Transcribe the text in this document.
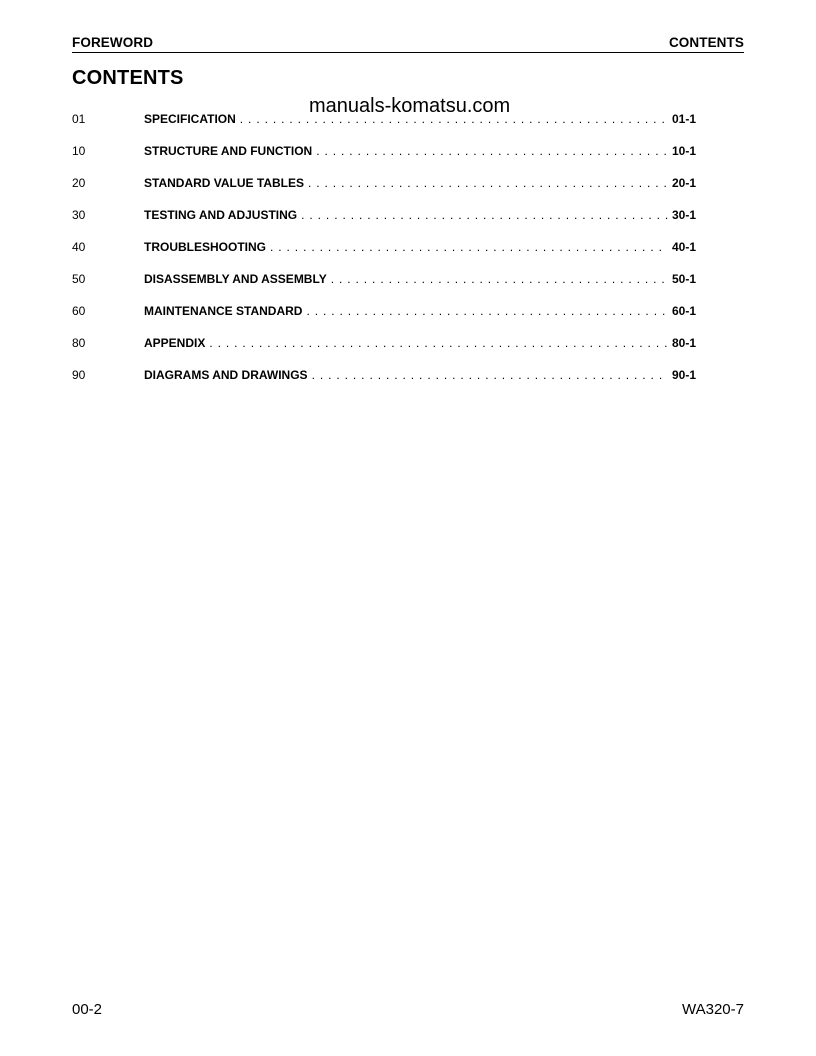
FOREWORD	CONTENTS
CONTENTS
manuals-komatsu.com
01	SPECIFICATION . . .	01-1
10	STRUCTURE AND FUNCTION . . .	10-1
20	STANDARD VALUE TABLES . . .	20-1
30	TESTING AND ADJUSTING . . .	30-1
40	TROUBLESHOOTING . . .	40-1
50	DISASSEMBLY AND ASSEMBLY . . .	50-1
60	MAINTENANCE STANDARD . . .	60-1
80	APPENDIX . . .	80-1
90	DIAGRAMS AND DRAWINGS . . .	90-1
00-2	WA320-7
